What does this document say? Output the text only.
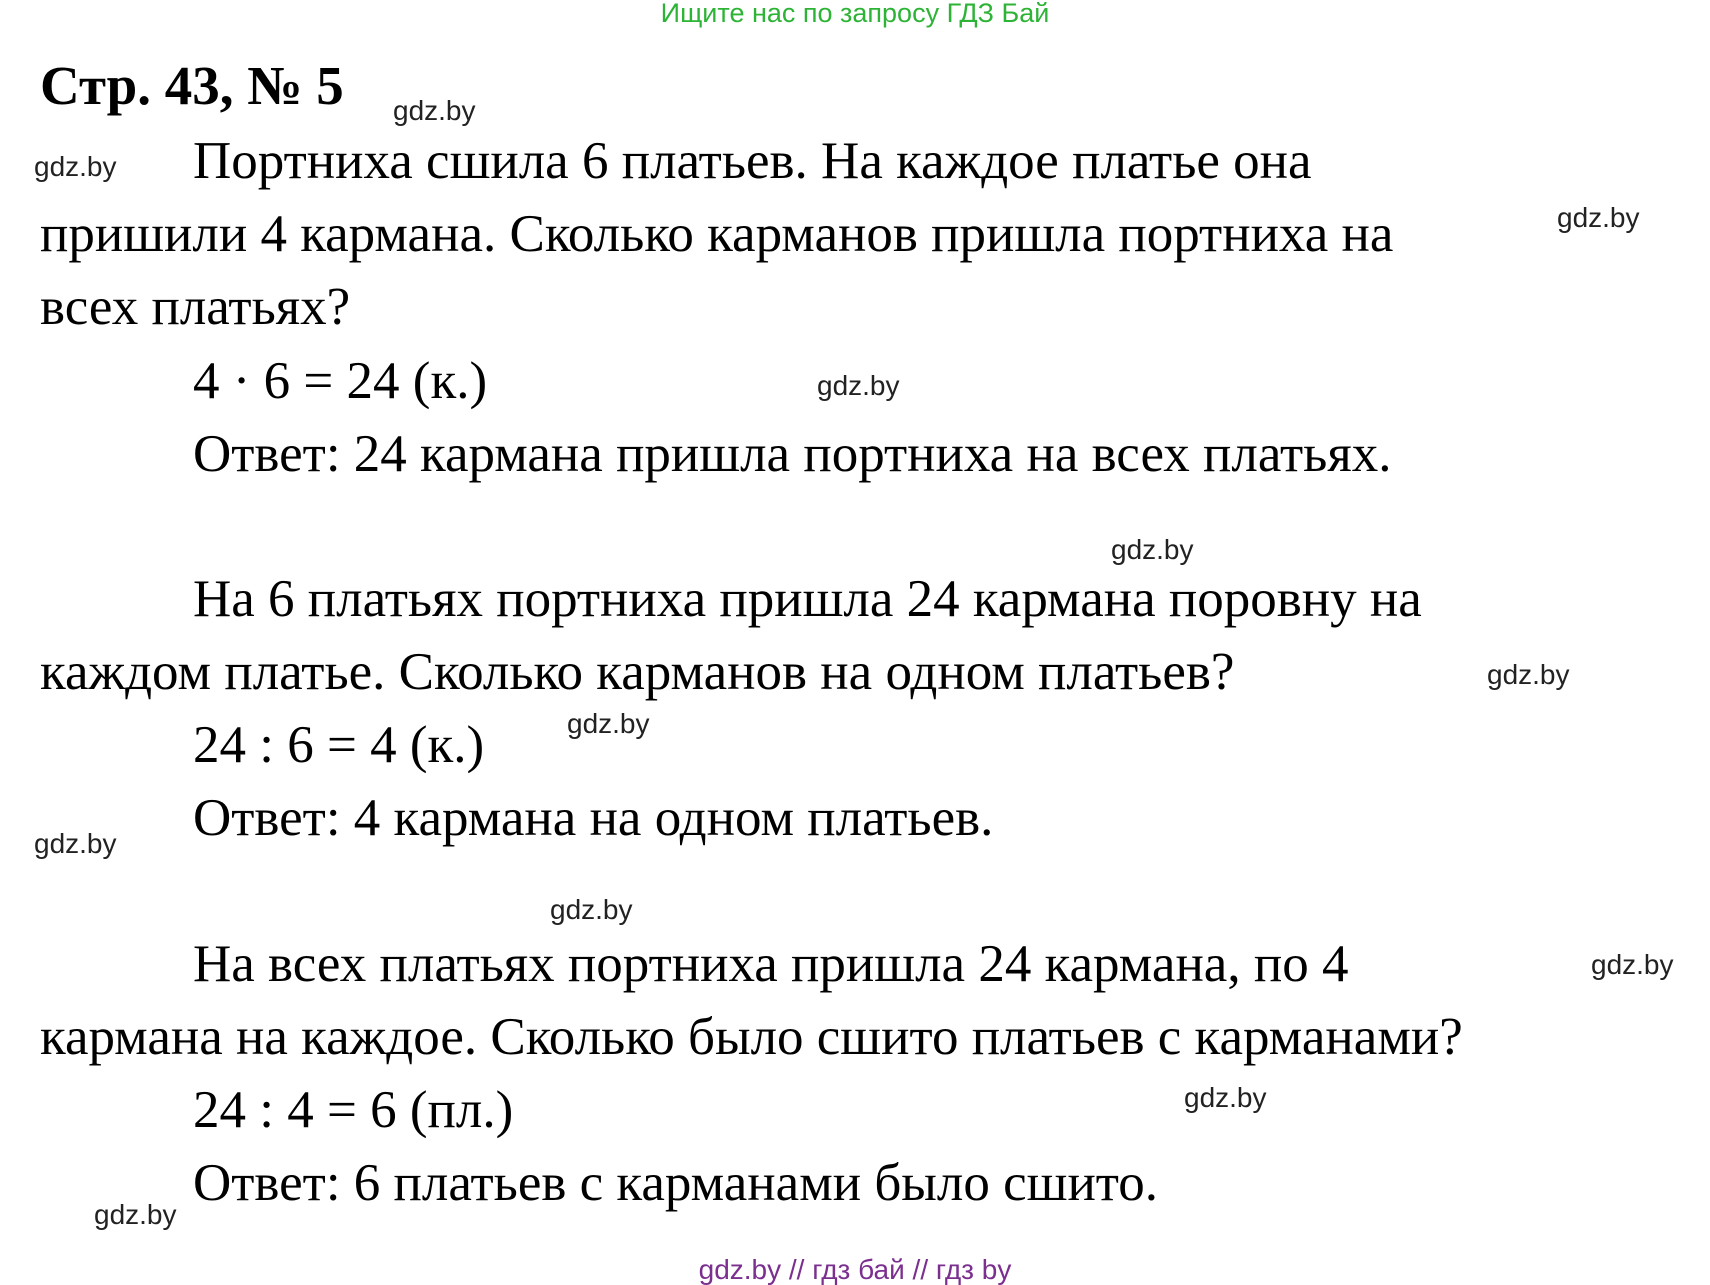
Ищите нас по запросу ГДЗ Бай
Стр. 43, № 5
Портниха сшила 6 платьев. На каждое платье она
пришили 4 кармана. Сколько карманов пришла портниха на
всех платьях?
4 · 6 = 24 (к.)
Ответ: 24 кармана пришла портниха на всех платьях.
На 6 платьях портниха пришла 24 кармана поровну на
каждом платье. Сколько карманов на одном платьев?
24 : 6 = 4 (к.)
Ответ: 4 кармана на одном платьев.
На всех платьях портниха пришла 24 кармана, по 4
кармана на каждое. Сколько было сшито платьев с карманами?
24 : 4 = 6 (пл.)
Ответ: 6 платьев с карманами было сшито.
gdz.by
gdz.by
gdz.by
gdz.by
gdz.by
gdz.by
gdz.by
gdz.by
gdz.by
gdz.by
gdz.by
gdz.by
gdz.by // гдз бай // гдз by
